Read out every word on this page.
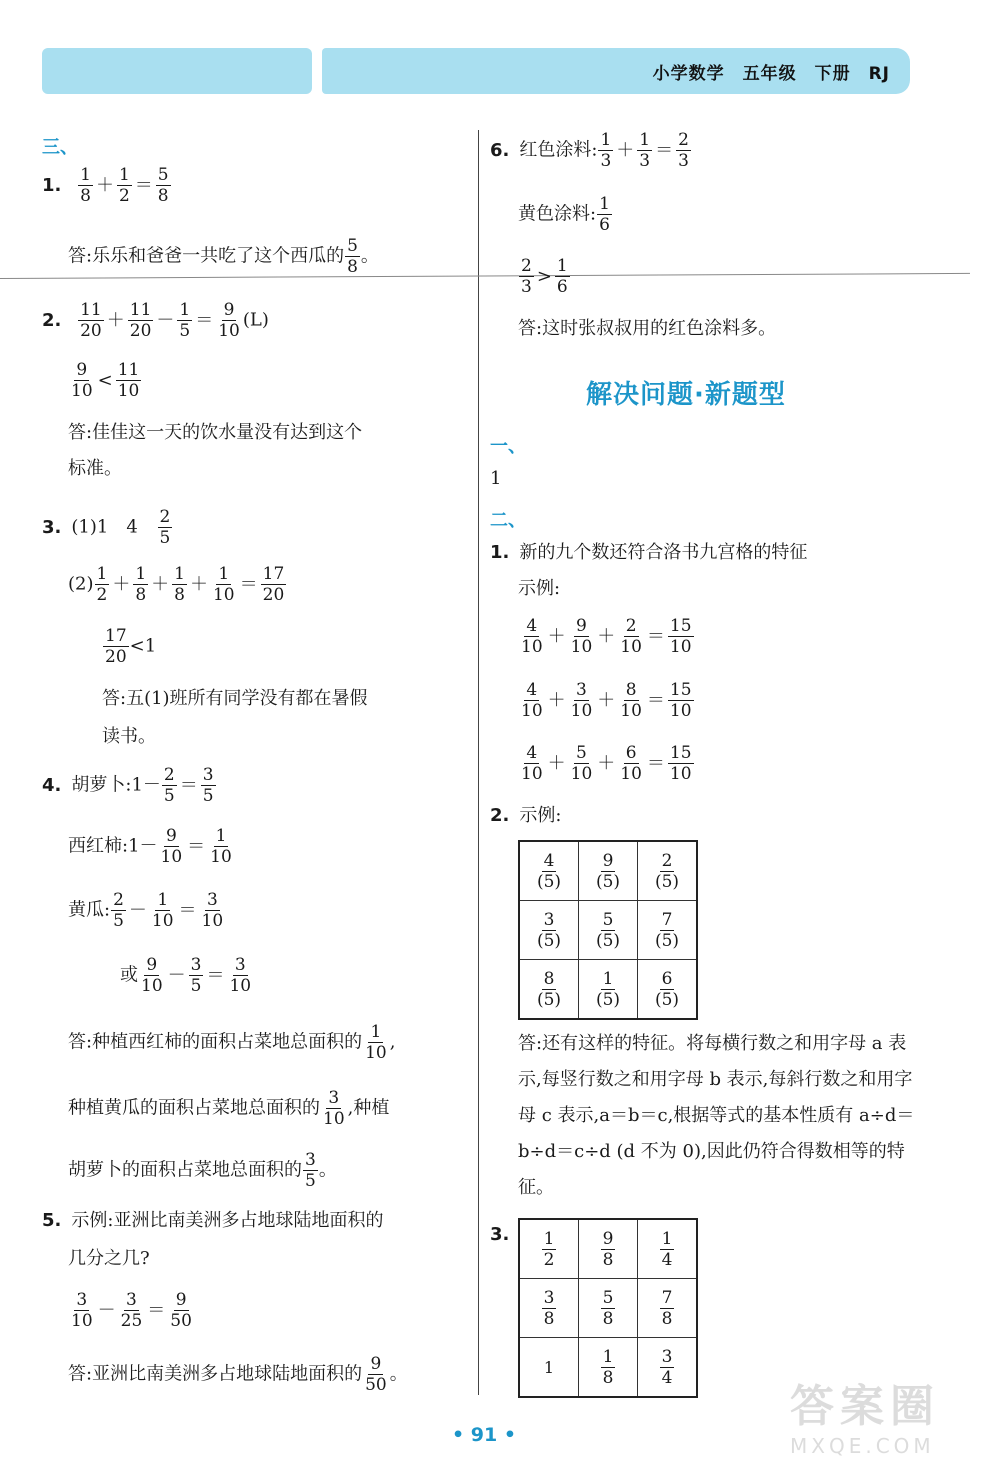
小学数学　五年级　下册　RJ
三、
1. $\frac{1}{8} + \frac{1}{2} = \frac{5}{8}$
答:乐乐和爸爸一共吃了这个西瓜的 $\frac{5}{8}$ 。
2. $\frac{11}{20} + \frac{11}{20} - \frac{1}{5} = \frac{9}{10} (L)$
$\frac{9}{10} < \frac{11}{10}$
答:佳佳这一天的饮水量没有达到这个
标准。
3. (1)1　$4 \frac{2}{5}$
$(2) \frac{1}{2} + \frac{1}{8} + \frac{1}{8} + \frac{1}{10} = \frac{17}{20}$
$\frac{17}{20} <1$
答:五(1)班所有同学没有都在暑假
读书。
4. 胡萝卜:1－ $\frac{2}{5} = \frac{3}{5}$
西红柿:1－ $\frac{9}{10} = \frac{1}{10}$
黄瓜: $\frac{2}{5} - \frac{1}{10} = \frac{3}{10}$
或 $\frac{9}{10} - \frac{3}{5} = \frac{3}{10}$
答:种植西红柿的面积占菜地总面积的 $\frac{1}{10}$ ,
种植黄瓜的面积占菜地总面积的 $\frac{3}{10}$ ,种植
胡萝卜的面积占菜地总面积的 $\frac{3}{5}$ 。
5. 示例:亚洲比南美洲多占地球陆地面积的
几分之几?
$\frac{3}{10} - \frac{3}{25} = \frac{9}{50}$
答:亚洲比南美洲多占地球陆地面积的 $\frac{9}{50}$ 。
6. 红色涂料: $\frac{1}{3} + \frac{1}{3} = \frac{2}{3}$
黄色涂料: $\frac{1}{6}$
$\frac{2}{3} > \frac{1}{6}$
答:这时张叔叔用的红色涂料多。
解决问题·新题型
一、
1
二、
1. 新的九个数还符合洛书九宫格的特征
示例:
$\frac{4}{10} + \frac{9}{10} + \frac{2}{10} = \frac{15}{10}$
$\frac{4}{10} + \frac{3}{10} + \frac{8}{10} = \frac{15}{10}$
$\frac{4}{10} + \frac{5}{10} + \frac{6}{10} = \frac{15}{10}$
2. 示例:
$\frac{4}{(5)}$	$\frac{9}{(5)}$	$\frac{2}{(5)}$

$\frac{3}{(5)}$	$\frac{5}{(5)}$	$\frac{7}{(5)}$

$\frac{8}{(5)}$	$\frac{1}{(5)}$	$\frac{6}{(5)}$
答:还有这样的特征。将每横行数之和用字母 a 表示,每竖行数之和用字母 b 表示,每斜行数之和用字母 c 表示,a＝b＝c,根据等式的基本性质有 a÷d＝b÷d＝c÷d (d 不为 0),因此仍符合得数相等的特征。
3.	$\frac{1}{2}$	$\frac{9}{8}$	$\frac{1}{4}$

$\frac{3}{8}$	$\frac{5}{8}$	$\frac{7}{8}$

1	$\frac{1}{8}$	$\frac{3}{4}$
• 91 •
答案圈
MXQE.COM
